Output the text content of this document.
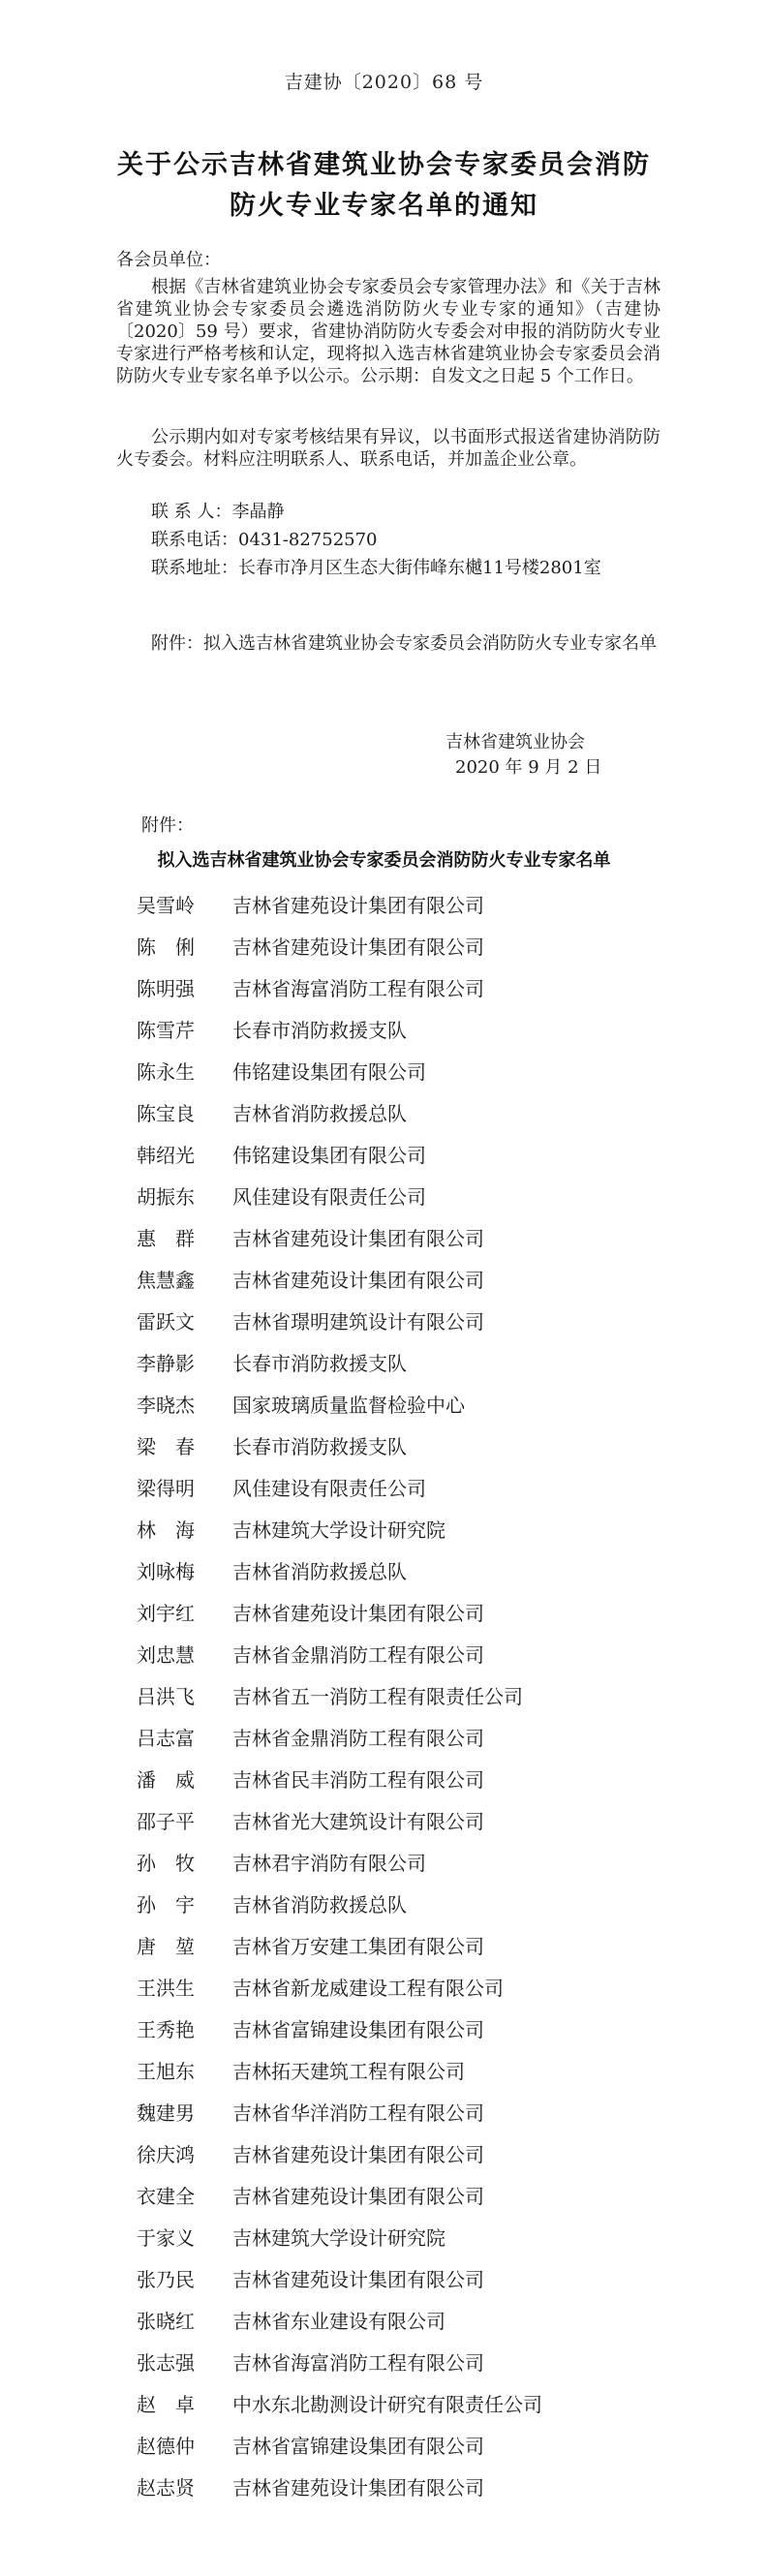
吉建协〔2020〕68 号
关于公示吉林省建筑业协会专家委员会消防
防火专业专家名单的通知
各会员单位：
根据《吉林省建筑业协会专家委员会专家管理办法》和《关于吉林省建筑业协会专家委员会遴选消防防火专业专家的通知》（吉建协〔2020〕59 号）要求，省建协消防防火专委会对申报的消防防火专业专家进行严格考核和认定，现将拟入选吉林省建筑业协会专家委员会消防防火专业专家名单予以公示。公示期：自发文之日起 5 个工作日。
公示期内如对专家考核结果有异议，以书面形式报送省建协消防防火专委会。材料应注明联系人、联系电话，并加盖企业公章。
联 系 人：李晶静
联系电话：0431-82752570
联系地址：长春市净月区生态大街伟峰东樾11号楼2801室
附件：拟入选吉林省建筑业协会专家委员会消防防火专业专家名单
吉林省建筑业协会
2020 年 9 月 2 日
附件：
拟入选吉林省建筑业协会专家委员会消防防火专业专家名单
吴雪岭	吉林省建苑设计集团有限公司
陈　俐	吉林省建苑设计集团有限公司
陈明强	吉林省海富消防工程有限公司
陈雪芹	长春市消防救援支队
陈永生	伟铭建设集团有限公司
陈宝良	吉林省消防救援总队
韩绍光	伟铭建设集团有限公司
胡振东	风佳建设有限责任公司
惠　群	吉林省建苑设计集团有限公司
焦慧鑫	吉林省建苑设计集团有限公司
雷跃文	吉林省璟明建筑设计有限公司
李静影	长春市消防救援支队
李晓杰	国家玻璃质量监督检验中心
梁　春	长春市消防救援支队
梁得明	风佳建设有限责任公司
林　海	吉林建筑大学设计研究院
刘咏梅	吉林省消防救援总队
刘宇红	吉林省建苑设计集团有限公司
刘忠慧	吉林省金鼎消防工程有限公司
吕洪飞	吉林省五一消防工程有限责任公司
吕志富	吉林省金鼎消防工程有限公司
潘　威	吉林省民丰消防工程有限公司
邵子平	吉林省光大建筑设计有限公司
孙　牧	吉林君宇消防有限公司
孙　宇	吉林省消防救援总队
唐　堃	吉林省万安建工集团有限公司
王洪生	吉林省新龙威建设工程有限公司
王秀艳	吉林省富锦建设集团有限公司
王旭东	吉林拓天建筑工程有限公司
魏建男	吉林省华洋消防工程有限公司
徐庆鸿	吉林省建苑设计集团有限公司
衣建全	吉林省建苑设计集团有限公司
于家义	吉林建筑大学设计研究院
张乃民	吉林省建苑设计集团有限公司
张晓红	吉林省东业建设有限公司
张志强	吉林省海富消防工程有限公司
赵　卓	中水东北勘测设计研究有限责任公司
赵德仲	吉林省富锦建设集团有限公司
赵志贤	吉林省建苑设计集团有限公司
